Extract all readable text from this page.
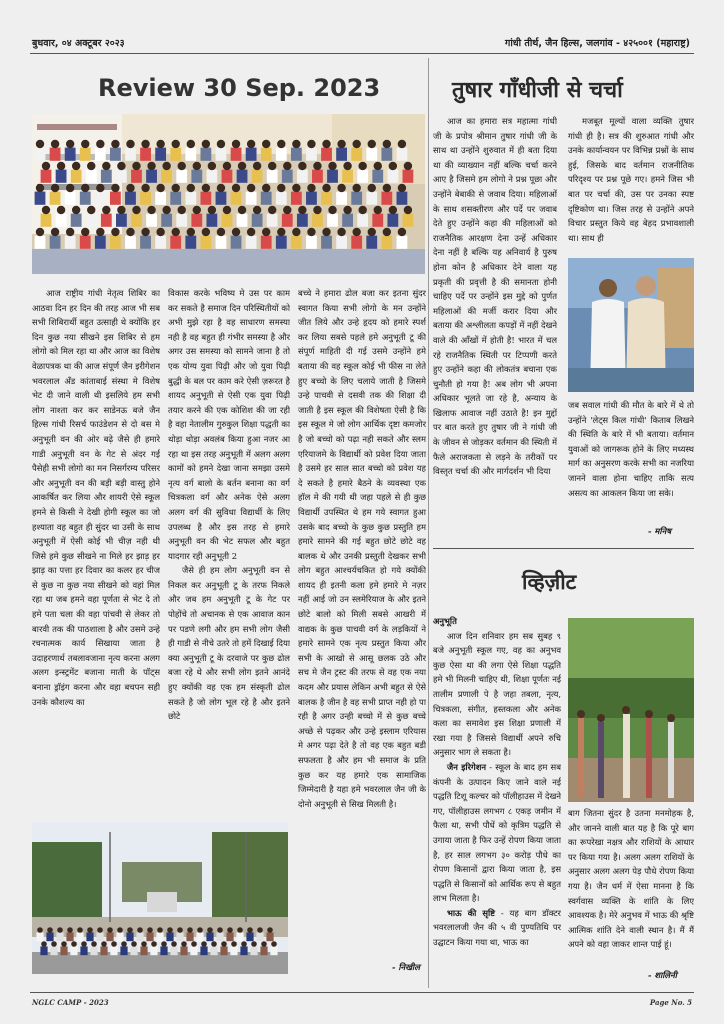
बुधवार, ०४ अक्टूबर २०२३	गांधी तीर्थ, जैन हिल्स, जलगांव - ४२५००१ (महाराष्ट्र)
Review 30 Sep. 2023

आज राष्ट्रीय गांधी नेतृत्व शिबिर का आठवा दिन हर दिन की तरह आज भी सब सभी शिबिरार्थी बहुत उत्साही थे क्योंकि हर दिन कुछ नया सीखने इस शिबिर से हम लोगो को मिल रहा था और आज का विशेष वेळापत्रक था की आज संपूर्ण जैन इरीगेशन भवरलाल अँड कांताबाई संस्था मे विशेष भेट दी जाने वाली थी इसलिये हम सभी लोग नाश्ता कर कर साडेनऊ बजे जैन हिल्स गांधी रिसर्च फाउंडेशन से दो बस मे अनुभूती वन की ओर बढ़े जैसे ही हमारे गाडी अनुभूती वन के गेट से अंदर गई पैसेही सभी लोगो का मन निसर्गरम्य परिसर और अनुभूती वन की बड़ी बड़ी वास्तु होने आकर्षित कर लिया और शायरी ऐसे स्कूल हमने से किसी ने देखी होगी स्कूल का जो हश्याता वह बहुत ही सुंदर था उसी के साथ अनुभूती में ऐसी कोई भी चीज़ नही थी जिसे हमे कुछ सीखने ना मिले हर झाड़ हर झाड़ का पत्ता हर दिवार का कलर हर चीज से कुछ ना कुछ नया सीखने को वहां मिल रहा था जब हमने वहा पूर्णता से भेट दे तो हमे पता चला की वहा पांचवी से लेकर तो बारवी तक की पाठशाला है और उसमे उन्हे रचनात्मक कार्य सिखाया जाता है उदाहरणार्थ तबलावजाना नृत्य करना अलग अलग इन्स्ट्रमेंट बजाना माती के पॉट्स बनाना ड्रॉइंग करना और वहा बचपन सही उनके कौशल्य का

विकास करके भविष्य मे उस पर काम कर सकते है समाज दिन परिस्थितीयों को अभी मुझे रहा है वह साधारण समस्या नही है वह बहुत ही गंभीर समस्या है और अगर उस समस्या को सामने जाना है तो एक योग्य युवा पिढ़ी और जो युवा पिढ़ी बुद्धी के बल पर काम करे ऐसी ज़रूरत है शायद अनुभूती से ऐसी एक युवा पिढ़ी तयार करने की एक कोशिश की जा रही है वहा नेतालीम गुरुकुल शिक्षा पद्धती का थोड़ा थोड़ा अवलंब किया हुआ नजर आ रहा था इस तरह अनुभूती में अलग अलग कामों को हमने देखा जाना समझा उसमे नृत्य वर्ग बालो के बर्तन बनाना का वर्ग चित्रकला वर्ग और अनेक ऐसे अलग अलग वर्ग की सुविधा विद्यार्थी के लिए उपलब्ध है और इस तरह से हमारे अनुभूती वन की भेट सफल और बहुत यादगार रही अनुभूती 2

जैसे ही हम लोग अनुभूती वन से निकल कर अनुभूती टू के तरफ निकले और जब हम अनुभूती टू के गेट पर पोहोंचे तो अचानक से एक आवाज कान पर पडणे लगी और हम सभी लोग जैसी ही गाडी से नीचे उतरे तो हमें दिखाई दिया क्या अनुभूती टू के दरवाजे पर कुछ ढोल बजा रहे थे और सभी लोग इतने आनंदे हुए क्योंकी वह एक हम संस्कृती ढोल सकते है जो लोग भूल रहे है और इतने छोटे

बच्चे ने हमारा ढोल बजा कर इतना सुंदर स्वागत किया सभी लोगो के मन उन्होंने जीत लिये और उन्हे हृदय को हमारे स्पर्श कर लिया सबसे पहले हमे अनुभूती टू की संपूर्ण माहिती दी गई उसमे उन्होंने हमे बताया की वह स्कूल कोई भी फीस ना लेते हुए बच्चो के लिए चलाये जाती है जिसमे उन्हे पाचवी से दसवी तक की शिक्षा दी जाती है इस स्कूल की विशेषता ऐसी है कि इस स्कूल मे जो लोग आर्थिक दृष्टा कमजोर है जो बच्चो को पढ़ा नही सकते और स्लम एरियाजमे के विद्यार्थी को प्रवेश दिया जाता है उसमे हर साल सात बच्चो को प्रवेश यह दे सकते है हमारे बैठने के व्यवस्था एक हॉल मे की गयी थी जहा पहले से ही कुछ विद्यार्थी उपस्थित थे हम गये स्वागत हुआ उसके बाद बच्चो के कुछ कुछ प्रस्तुति हम हमारे सामने की गई बहुत छोटे छोटे वह बालक थे और उनकी प्रस्तुती देखकर सभी लोग बहुत आश्चर्यचकित हो गये क्योंकी शायद ही इतनी कला हमे हमारे मे नज़र नहीं आई जो उन स्लमेरियाज के और इतने छोटे बालो को मिली सबसे आखरी में वाद्यक के कुछ पाचवी वर्ग के लड़कियों ने हमारे सामने एक नृत्य प्रस्तुत किया और सभी के आखो से आसू छलक उठे और सच मे जैन ट्रस्ट की तरफ से वह एक नया कदम और प्रयास लेकिन अभी बहुत से ऐसे बालक है जीन है वह सभी प्राप्त नही हो पा रही है अगर उन्ही बच्चो में से कुछ बच्चे अच्छे से पढ़कर और उन्हे इस्लाम एरियास मे अगर पढ़ा देते है तो वह एक बहुत बडी सफलता है और हम भी समाज के प्रति कुछ कर यह हमारे एक सामाजिक जिम्मेदारी है यहा हमे भवरलाल जैन जी के दोनो अनुभूती से सिख मिलती है।

- निखील
तुषार गाँधीजी से चर्चा

आज का हमारा सत्र महात्मा गांधी जी के प्रपोत्र श्रीमान तुषार गांधी जी के साथ था उन्होंने शुरुवात में ही बता दिया था की व्याख्यान नहीं बल्कि चर्चा करने आए है जिसमे हम लोगो ने प्रश्न पूछा और उन्होंने बेबाकी से जवाब दिया। महिलाओं के साथ शसक्तीरण और पर्दे पर जवाब देते हुए उन्होंने कहा की महिलाओं को राजनैतिक आरक्षण देना उन्हें अधिकार देना नहीं है बल्कि यह अनिवार्य है पुरुष होना कोन है अधिकार देने वाला यह प्रकृती की प्रवृत्ती है की समानता होनी चाहिए पर्दे पर उन्होंने इस मुद्दे को पुर्णत महिलाओं की मर्जी करार दिया और बताया की अश्लीलता कपड़ों में नहीं देखने वाले की आँखों में होती है! भारत में चल रहे राजनैतिक स्थिती पर टिप्पणी करते हुए उन्होंने कहा की लोकतंत्र बचाना एक चुनौती हो गया है! अब लोग भी अपना अधिकार भूलते जा रहे है, अन्याय के खिलाफ आवाज नहीं उठाते है! इन मुद्दों पर बात करते हुए तुषार जी ने गांधी जी के जीवन से जोड़कर वर्तमान की स्थिती में फैले अराजकता से लड़ने के तरीकों पर विस्तृत चर्चा की और मार्गदर्शन भी दिया

मजबूत मूल्यों वाला व्यक्ति तुषार गांधी ही है। सत्र की शुरुआत गांधी और उनके कार्यान्वयन पर विभिन्न प्रश्नों के साथ हुई, जिसके बाद वर्तमान राजनीतिक परिदृश्य पर प्रश्न पूछे गए। हमने जिस भी बात पर चर्चा की, उस पर उनका स्पष्ट दृष्टिकोण था। जिस तरह से उन्होंने अपने विचार प्रस्तुत किये वह बेहद प्रभावशाली था। साथ ही

जब सवाल गांधी की मौत के बारे में थे तो उन्होंने 'लेट्स किल गांधी' किताब लिखने की स्थिति के बारे में भी बताया। वर्तमान युवाओं को जागरूक होने के लिए मध्यस्थ मार्ग का अनुसरण करके सभी का नजरिया जानने वाला होना चाहिए ताकि सत्य असत्य का आकलन किया जा सके।

- मनिष
व्हिज़ीट
अनुभूति

आज दिन शनिवार हम सब सुबह ९ बजे अनुभूती स्कूल गए, वह का अनुभव कुछ ऐसा था की लगा ऐसे शिक्षा पद्धति हमे भी मिलनी चाहिए थी, शिक्षा पूर्णतः नई तालीम प्रणाली पे है जहा तबला, नृत्य, चित्रकला, संगीत, हस्तकला और अनेक कला का समावेश इस शिक्षा प्रणाली में रखा गया है जिससे विद्यार्थी अपने रुचि अनुसार भाग ले सकता है।

जैन इरिगेशन - स्कूल के बाद हम सब कंपनी के उत्पादन किए जाने वाले नई पद्धति टिशू कल्चर को पॉलीहाउस में देखने गए, पॉलीहाउस लगभग ८ एकड़ जमीन में फैला था, सभी पौधें को कृत्रिम पद्धति से उगाया जाता है फिर उन्हें रोपण किया जाता है, हर साल लगभग ३० करोड़ पौधे का रोपण किसानों द्वारा किया जाता है, इस पद्धति से किसानों को आर्थिक रूप से बहुत लाभ मिलता है।

भाऊ की सृष्टि - यह बाग डॉक्टर भवरलालजी जैन की ५ वी पुण्यतिथि पर उद्घाटन किया गया था, भाऊ का

बाग जितना सुंदर है उतना मनमोहक है, और जानने वाली बात यह है कि पूरे बाग का रूपरेखा नक्षत्र और राशियों के आधार पर किया गया है। अलग अलग राशियों के अनुसार अलग अलग पेड़ पौधे रोपण किया गया है। जैन धर्म में ऐसा मानना है कि स्वर्गवास व्यक्ति के शांति के लिए आवश्यक है। मेरे अनुभव में भाऊ की श्रृष्टि आत्मिक शांति देने वाली स्थान है। मैं मैं अपने को वहा जाकर शान्त पाई हूं।

- शालिनी
NGLC CAMP - 2023	Page No. 5
